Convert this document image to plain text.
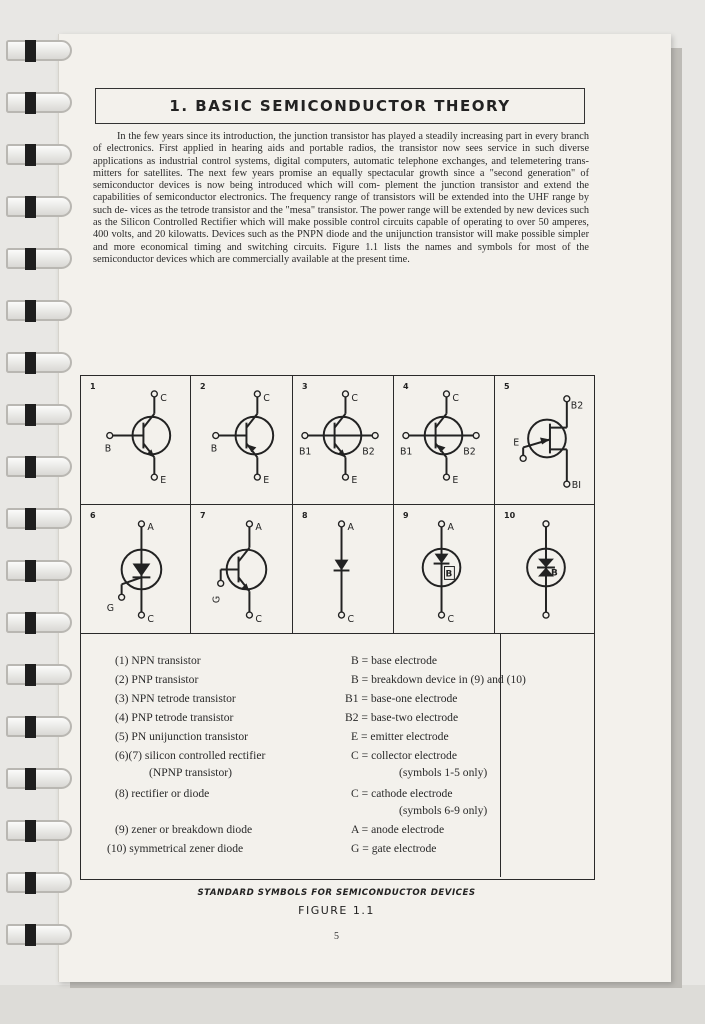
1. BASIC SEMICONDUCTOR THEORY
In the few years since its introduction, the junction transistor has played a steadily increasing part in every branch of electronics. First applied in hearing aids and portable radios, the transistor now sees service in such diverse applications as industrial control systems, digital computers, automatic telephone exchanges, and telemetering trans- mitters for satellites. The next few years promise an equally spectacular growth since a "second generation" of semiconductor devices is now being introduced which will com- plement the junction transistor and extend the capabilities of semiconductor electronics. The frequency range of transistors will be extended into the UHF range by such de- vices as the tetrode transistor and the "mesa" transistor. The power range will be extended by new devices such as the Silicon Controlled Rectifier which will make possible control circuits capable of operating to over 50 amperes, 400 volts, and 20 kilowatts. Devices such as the PNPN diode and the unijunction transistor will make possible simpler and more economical timing and switching circuits. Figure 1.1 lists the names and symbols for most of the semiconductor devices which are commercially available at the present time.
1
C
B
E
2
C
B
E
3
C
B1	B2
E
4
C
B1	B2
E
5
B2
E
BI
6
A
G
C
7
A
G
C
8
A
C
9
A
B
C
10
B
(1) NPN transistor
(2) PNP transistor
(3) NPN tetrode transistor
(4) PNP tetrode transistor
(5) PN unijunction transistor
(6)(7) silicon controlled rectifier
(NPNP transistor)
(8) rectifier or diode
(9) zener or breakdown diode
(10) symmetrical zener diode
B = base electrode
B = breakdown device in (9) and (10)
B1 = base-one electrode
B2 = base-two electrode
E = emitter electrode
C = collector electrode
(symbols 1-5 only)
C = cathode electrode
(symbols 6-9 only)
A = anode electrode
G = gate electrode
STANDARD SYMBOLS FOR SEMICONDUCTOR DEVICES
FIGURE 1.1
5
